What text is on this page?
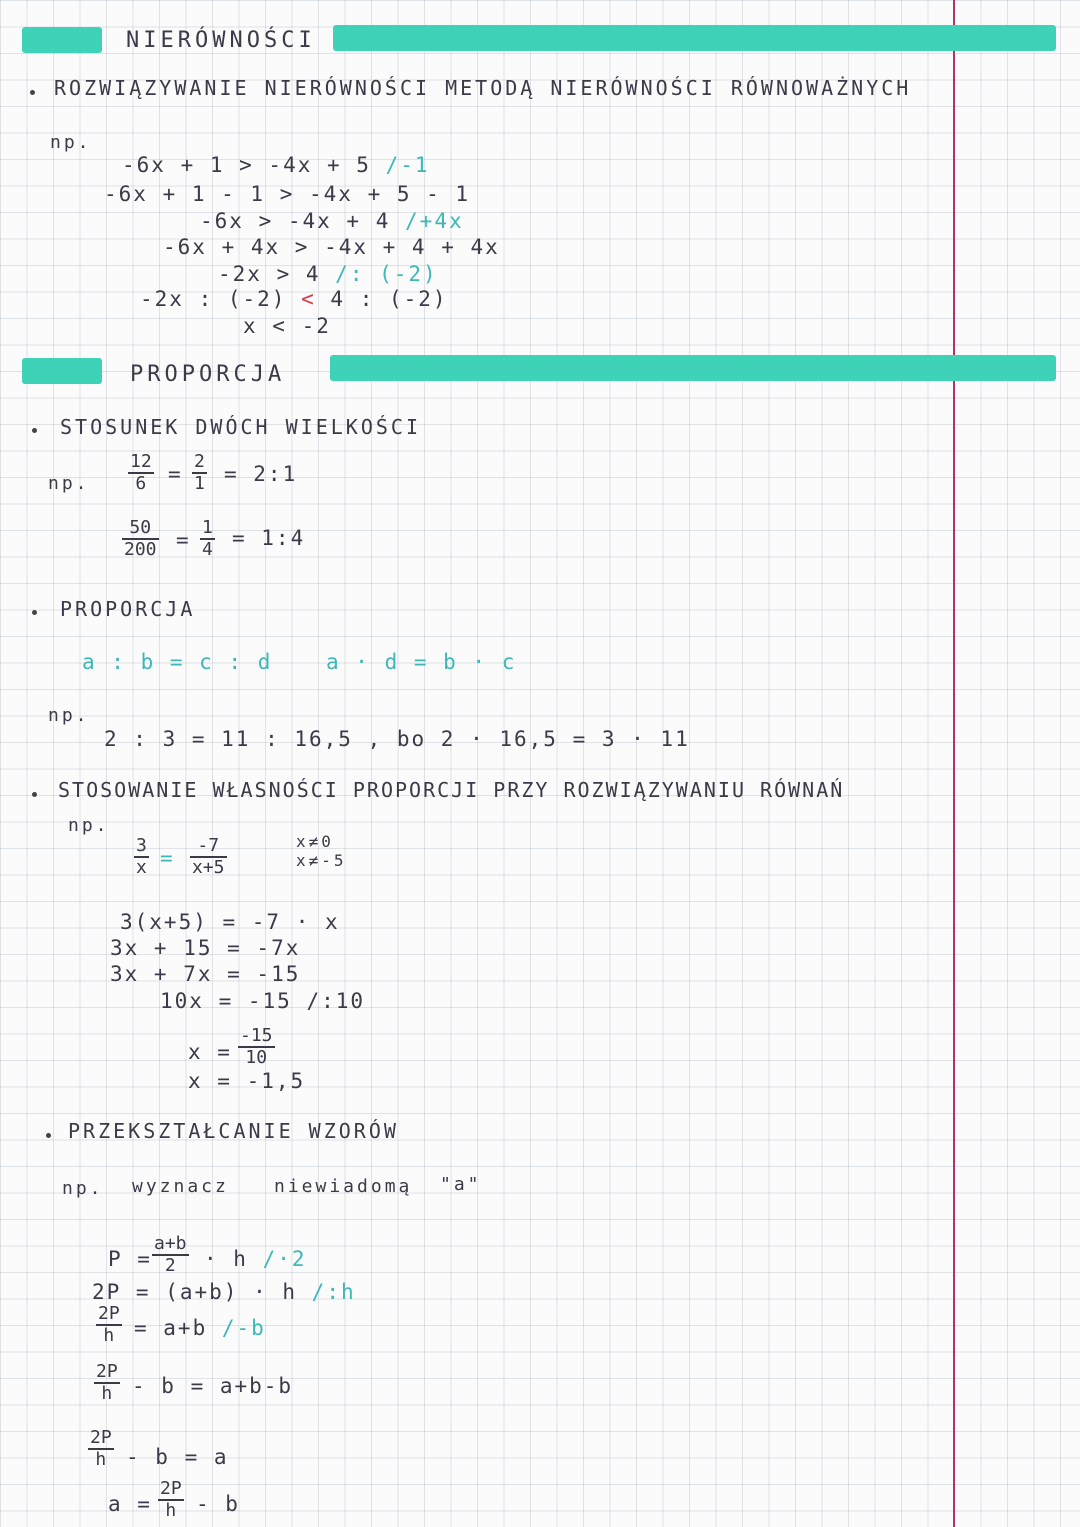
NIERÓWNOŚCI
ROZWIĄZYWANIE NIERÓWNOŚCI METODĄ NIERÓWNOŚCI RÓWNOWAŻNYCH
np.
-6x + 1 > -4x + 5 /-1
-6x + 1 - 1 > -4x + 5 - 1
-6x > -4x + 4 /+4x
-6x + 4x > -4x + 4 + 4x
-2x > 4 /: (-2)
-2x : (-2) < 4 : (-2)
x < -2
PROPORCJA
STOSUNEK DWÓCH WIELKOŚCI
np. $\frac{12}{6} = \frac{2}{1}$ = 2:1
$\frac{50}{200} = \frac{1}{4}$ = 1:4
PROPORCJA
a : b = c : d	a · d = b · c
np.
2 : 3 = 11 : 16,5 , bo 2 · 16,5 = 3 · 11
STOSOWANIE WŁASNOŚCI PROPORCJI PRZY ROZWIĄZYWANIU RÓWNAŃ
np.
$\frac{3}{x} = \frac{-7}{x+5}$	x≠0
x≠-5
3(x+5) = -7 · x
3x + 15 = -7x
3x + 7x = -15
10x = -15 /:10
$x = \frac{-15}{10}$
x = -1,5
PRZEKSZTAŁCANIE WZORÓW
np. wyznacz	niewiadomą "a"
$P = \frac{a+b}{2} \cdot h$ /·2
2P = (a+b) · h /:h
$\frac{2P}{h} = a+b$ /-b
$\frac{2P}{h} - b = a+b-b$
$\frac{2P}{h} - b = a$
$a = \frac{2P}{h} - b$
